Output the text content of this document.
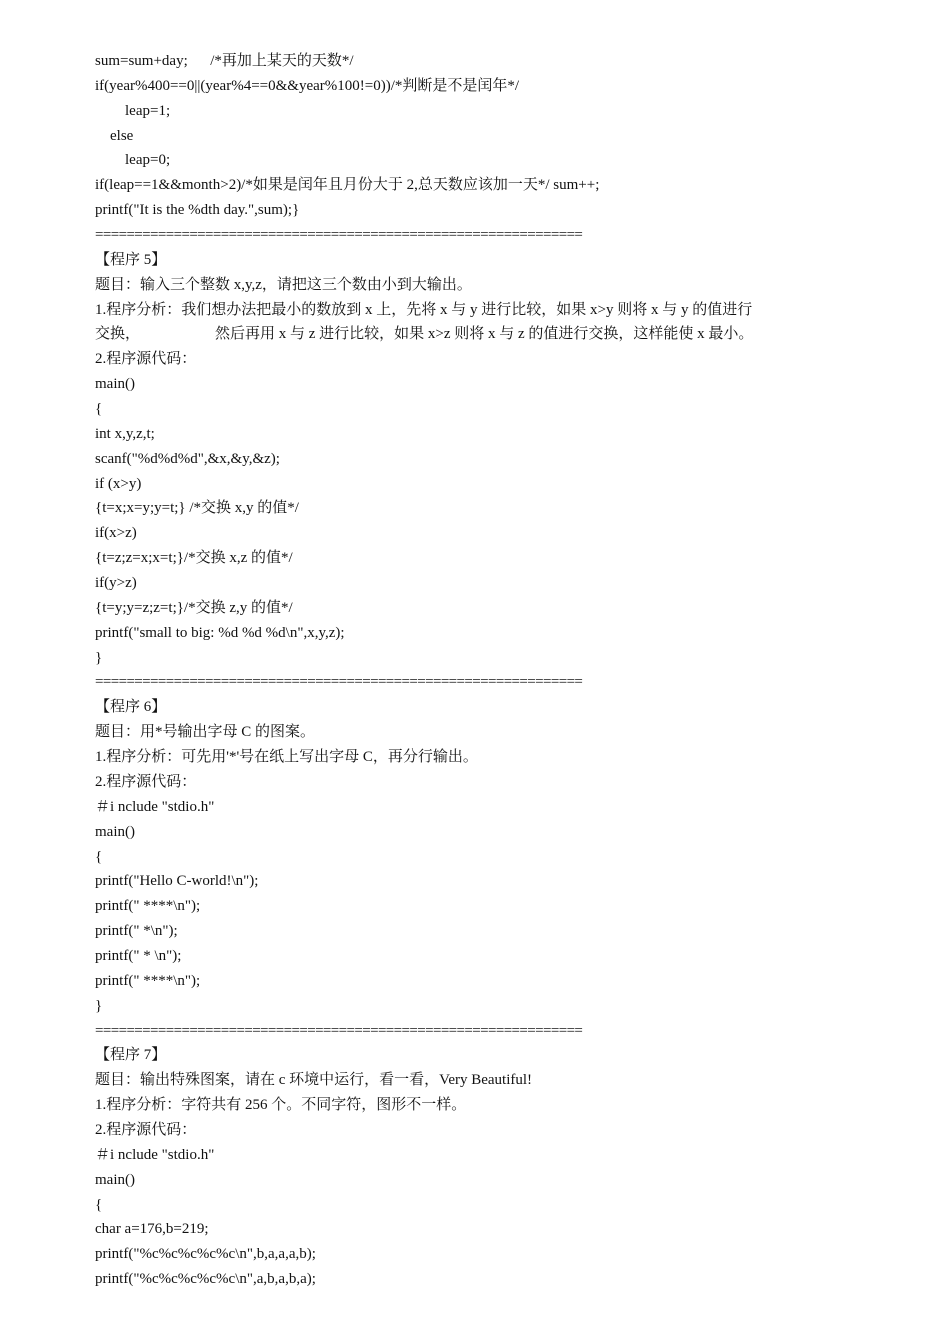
sum=sum+day;      /*再加上某天的天数*/
if(year%400==0||(year%4==0&&year%100!=0))/*判断是不是闰年*/
leap=1;
else
leap=0;
if(leap==1&&month>2)/*如果是闰年且月份大于 2,总天数应该加一天*/ sum++;
printf("It is the %dth day.",sum);}
==============================================================
【程序 5】
题目：输入三个整数 x,y,z，请把这三个数由小到大输出。
1.程序分析：我们想办法把最小的数放到 x 上，先将 x 与 y 进行比较，如果 x>y 则将 x 与 y 的值进行
交换，                    然后再用 x 与 z 进行比较，如果 x>z 则将 x 与 z 的值进行交换，这样能使 x 最小。
2.程序源代码：
main()
{
int x,y,z,t;
scanf("%d%d%d",&x,&y,&z);
if (x>y)
{t=x;x=y;y=t;} /*交换 x,y 的值*/
if(x>z)
{t=z;z=x;x=t;}/*交换 x,z 的值*/
if(y>z)
{t=y;y=z;z=t;}/*交换 z,y 的值*/
printf("small to big: %d %d %d\n",x,y,z);
}
==============================================================
【程序 6】
题目：用*号输出字母 C 的图案。
1.程序分析：可先用'*'号在纸上写出字母 C，再分行输出。
2.程序源代码：
＃i nclude "stdio.h"
main()
{
printf("Hello C-world!\n");
printf(" ****\n");
printf(" *\n");
printf(" * \n");
printf(" ****\n");
}
==============================================================
【程序 7】
题目：输出特殊图案，请在 c 环境中运行，看一看，Very Beautiful!
1.程序分析：字符共有 256 个。不同字符，图形不一样。
2.程序源代码：
＃i nclude "stdio.h"
main()
{
char a=176,b=219;
printf("%c%c%c%c%c\n",b,a,a,a,b);
printf("%c%c%c%c%c\n",a,b,a,b,a);
